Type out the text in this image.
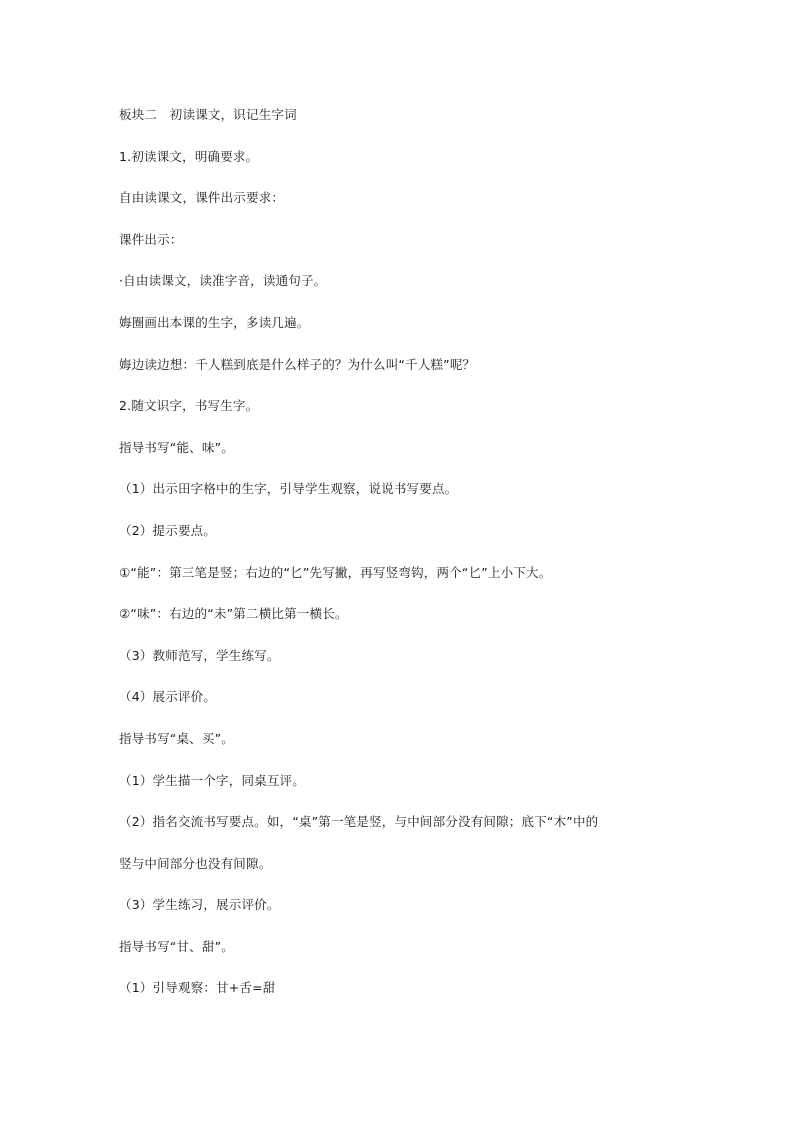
板块二　初读课文，识记生字词
1.初读课文，明确要求。
自由读课文，课件出示要求：
课件出示：
·自由读课文，读准字音，读通句子。
娒圈画出本课的生字，多读几遍。
娒边读边想：千人糕到底是什么样子的？为什么叫“千人糕”呢？
2.随文识字，书写生字。
指导书写“能、味”。
（1）出示田字格中的生字，引导学生观察，说说书写要点。
（2）提示要点。
①“能”：第三笔是竖；右边的“匕”先写撇，再写竖弯钩，两个“匕”上小下大。
②“味”：右边的“未”第二横比第一横长。
（3）教师范写，学生练写。
（4）展示评价。
指导书写“桌、买”。
（1）学生描一个字，同桌互评。
（2）指名交流书写要点。如，“桌”第一笔是竖，与中间部分没有间隙；底下“木”中的
竖与中间部分也没有间隙。
（3）学生练习，展示评价。
指导书写“甘、甜”。
（1）引导观察：甘+舌=甜
